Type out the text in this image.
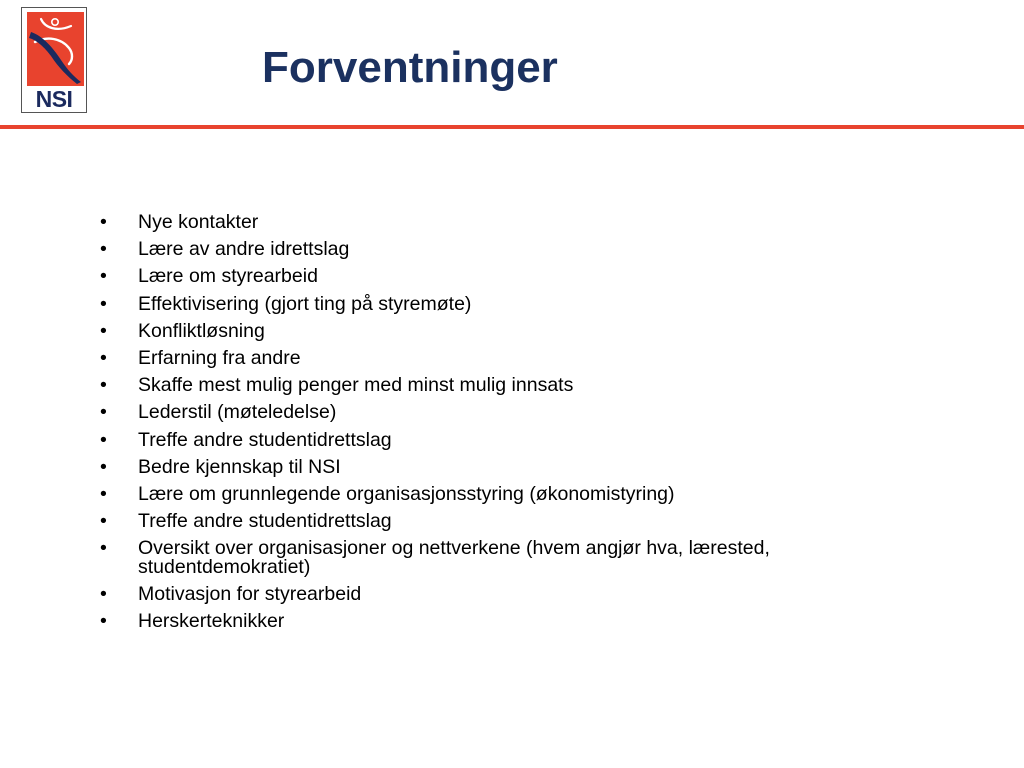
NSI
Forventninger
• Nye kontakter
• Lære av andre idrettslag
• Lære om styrearbeid
• Effektivisering (gjort ting på styremøte)
• Konfliktløsning
• Erfarning fra andre
• Skaffe mest mulig penger med minst mulig innsats
• Lederstil (møteledelse)
• Treffe andre studentidrettslag
• Bedre kjennskap til NSI
• Lære om grunnlegende organisasjonsstyring (økonomistyring)
• Treffe andre studentidrettslag
• Oversikt over organisasjoner og nettverkene (hvem angjør hva, lærested, studentdemokratiet)
• Motivasjon for styrearbeid
• Herskerteknikker
